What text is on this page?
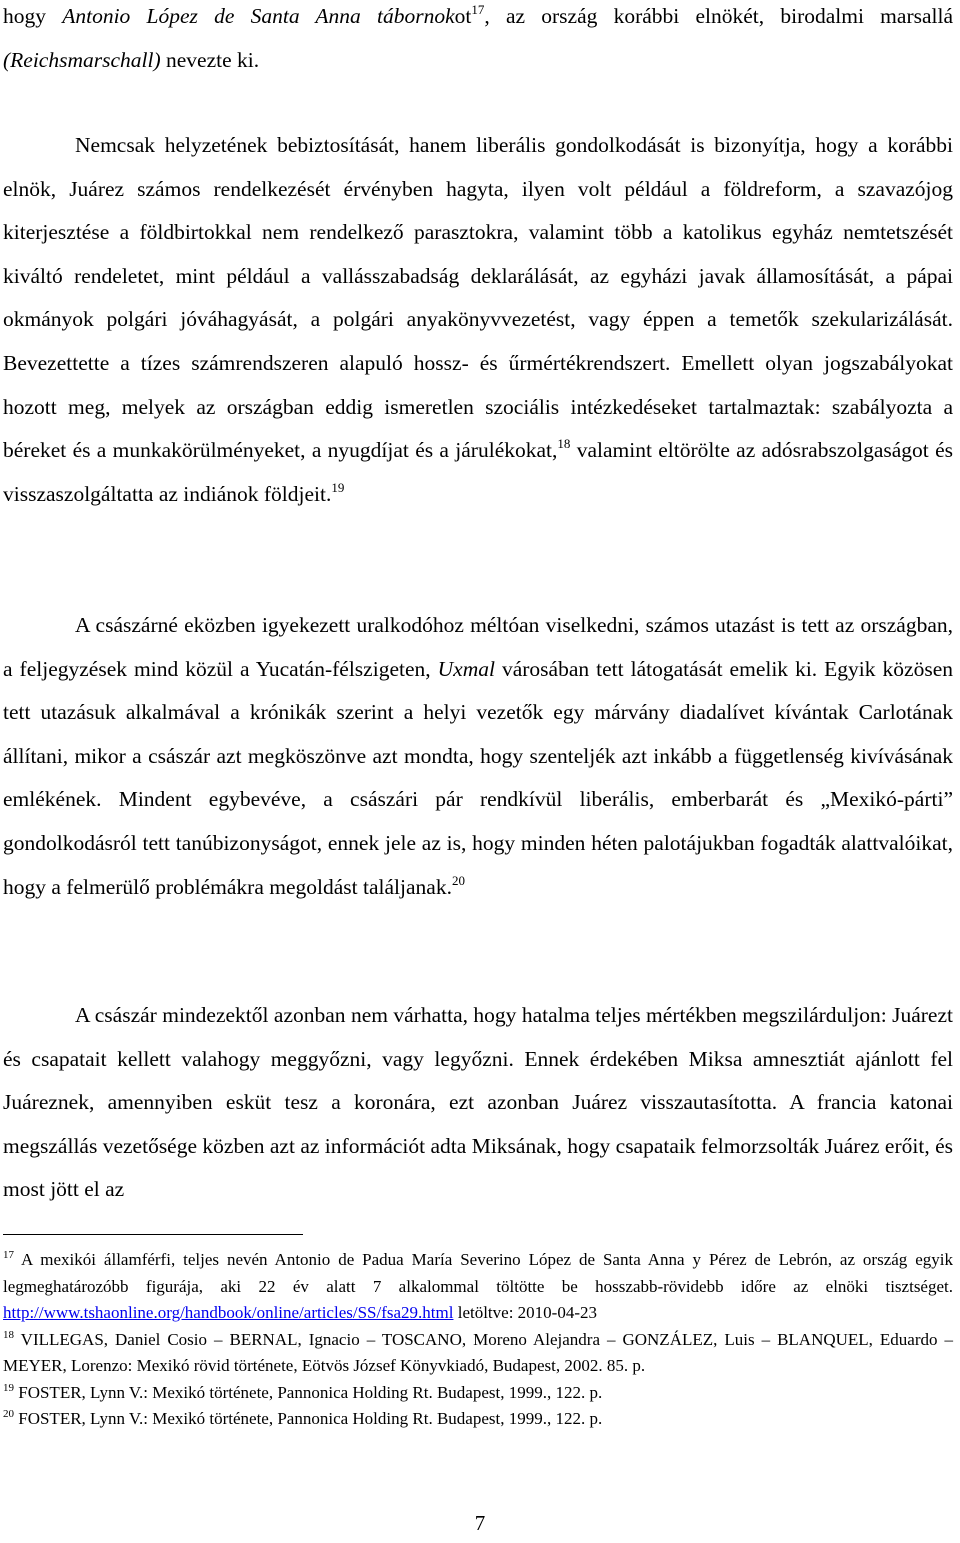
hogy Antonio López de Santa Anna tábornokot$^{17}$, az ország korábbi elnökét, birodalmi marsallá (Reichsmarschall) nevezte ki.

Nemcsak helyzetének bebiztosítását, hanem liberális gondolkodását is bizonyítja, hogy a korábbi elnök, Juárez számos rendelkezését érvényben hagyta, ilyen volt például a földreform, a szavazójog kiterjesztése a földbirtokkal nem rendelkező parasztokra, valamint több a katolikus egyház nemtetszését kiváltó rendeletet, mint például a vallásszabadság deklarálását, az egyházi javak államosítását, a pápai okmányok polgári jóváhagyását, a polgári anyakönyvvezetést, vagy éppen a temetők szekularizálását. Bevezettette a tízes számrendszeren alapuló hossz- és űrmértékrendszert. Emellett olyan jogszabályokat hozott meg, melyek az országban eddig ismeretlen szociális intézkedéseket tartalmaztak: szabályozta a béreket és a munkakörülményeket, a nyugdíjat és a járulékokat,$^{18}$ valamint eltörölte az adósrabszolgaságot és visszaszolgáltatta az indiánok földjeit.$^{19}$

A császárné eközben igyekezett uralkodóhoz méltóan viselkedni, számos utazást is tett az országban, a feljegyzések mind közül a Yucatán-félszigeten, Uxmal városában tett látogatását emelik ki. Egyik közösen tett utazásuk alkalmával a krónikák szerint a helyi vezetők egy márvány diadalívet kívántak Carlotának állítani, mikor a császár azt megköszönve azt mondta, hogy szenteljék azt inkább a függetlenség kivívásának emlékének. Mindent egybevéve, a császári pár rendkívül liberális, emberbarát és „Mexikó-párti” gondolkodásról tett tanúbizonyságot, ennek jele az is, hogy minden héten palotájukban fogadták alattvalóikat, hogy a felmerülő problémákra megoldást találjanak.$^{20}$

A császár mindezektől azonban nem várhatta, hogy hatalma teljes mértékben megszilárduljon: Juárezt és csapatait kellett valahogy meggyőzni, vagy legyőzni. Ennek érdekében Miksa amnesztiát ajánlott fel Juáreznek, amennyiben esküt tesz a koronára, ezt azonban Juárez visszautasította. A francia katonai megszállás vezetősége közben azt az információt adta Miksának, hogy csapataik felmorzsolták Juárez erőit, és most jött el az

$^{17}$ A mexikói államférfi, teljes nevén Antonio de Padua María Severino López de Santa Anna y Pérez de Lebrón, az ország egyik legmeghatározóbb figurája, aki 22 év alatt 7 alkalommal töltötte be hosszabb-rövidebb időre az elnöki tisztséget. http://www.tshaonline.org/handbook/online/articles/SS/fsa29.html letöltve: 2010-04-23

$^{18}$ VILLEGAS, Daniel Cosio – BERNAL, Ignacio – TOSCANO, Moreno Alejandra – GONZÁLEZ, Luis – BLANQUEL, Eduardo – MEYER, Lorenzo: Mexikó rövid története, Eötvös József Könyvkiadó, Budapest, 2002. 85. p.

$^{19}$ FOSTER, Lynn V.: Mexikó története, Pannonica Holding Rt. Budapest, 1999., 122. p.

$^{20}$ FOSTER, Lynn V.: Mexikó története, Pannonica Holding Rt. Budapest, 1999., 122. p.

7
